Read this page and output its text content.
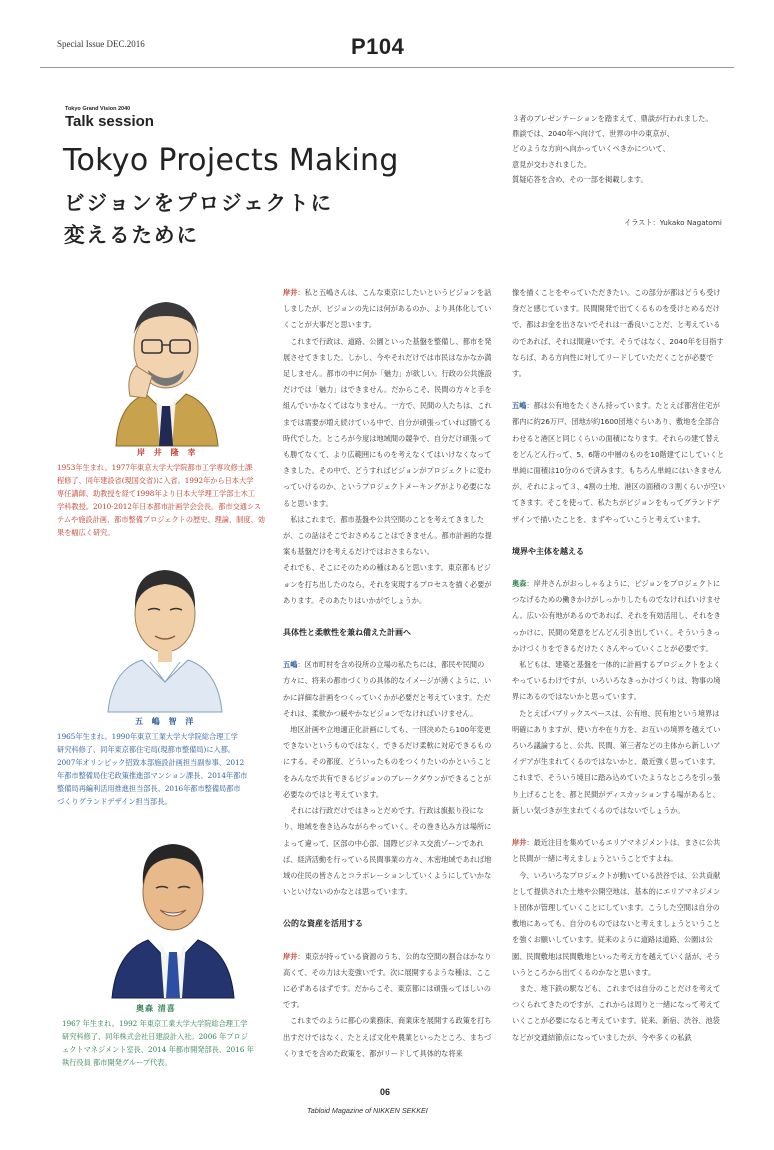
Special Issue DEC.2016	P104
Tokyo Grand Vision 2040
Talk session
Tokyo Projects Making
ビジョンをプロジェクトに
変えるために

３者のプレゼンテーションを踏まえて、鼎談が行われました。

鼎談では、2040年へ向けて、世界の中の東京が、

どのような方向へ向かっていくべきかについて、

意見が交わされました。

質疑応答を含め、その一部を掲載します。

イラスト：Yukako Nagatomi
岸 井 隆 幸
1953年生まれ。1977年東京大学大学院都市工学専攻修士課
程修了、同年建設省(現国交省)に入省。1992年から日本大学
専任講師、助教授を経て1998年より日本大学理工学部土木工
学科教授。2010-2012年日本都市計画学会会長。都市交通シス
テムや施設計画、都市整備プロジェクトの歴史、理論、制度、効
果を幅広く研究。
五 嶋 智 洋
1965年生まれ。1990年東京工業大学大学院総合理工学
研究科修了、同年東京都住宅局(現都市整備局)に入都。
2007年オリンピック招致本部施設計画担当副参事、2012
年都市整備局住宅政策推進部マンション課長、2014年都市
整備局再編利活用推進担当部長、2016年都市整備局都市
づくりグランドデザイン担当部長。
奥森 清喜
1967 年生まれ。1992 年東京工業大学大学院総合理工学
研究科修了、同年株式会社日建設計入社。2006 年プロジ
ェクトマネジメント室長、2014 年都市開発部長、2016 年
執行役員 都市開発グループ代表。

岸井：私と五嶋さんは、こんな東京にしたいというビジョンを話しましたが、ビジョンの先には何があるのか、より具体化していくことが大事だと思います。

　これまで行政は、道路、公園といった基盤を整備し、都市を発展させてきました。しかし、今やそれだけでは市民はなかなか満足しません。都市の中に何か「魅力」が欲しい。行政の公共施設だけでは「魅力」はできません。だからこそ、民間の方々と手を組んでいかなくてはなりません。一方で、民間の人たちは、これまでは需要が増え続けている中で、自分が頑張っていれば勝てる時代でした。ところが今度は地域間の競争で、自分だけ頑張っても勝てなくて、より広範囲にものを考えなくてはいけなくなってきました。その中で、どうすればビジョンがプロジェクトに変わっていけるのか、というプロジェクトメーキングがより必要になると思います。

　私はこれまで、都市基盤や公共空間のことを考えてきましたが、この話はそこでおさめることはできません。都市計画的な提案も基盤だけを考えるだけではおさまらない。

それでも、そこにそのための種はあると思います。東京都もビジョンを打ち出したのなら、それを実現するプロセスを描く必要があります。そのあたりはいかがでしょうか。

具体性と柔軟性を兼ね備えた計画へ

五嶋：区市町村を含め役所の立場の私たちには、都民や民間の方々に、将来の都市づくりの具体的なイメージが湧くように、いかに詳細な計画をつくっていくかが必要だと考えています。ただそれは、柔軟かつ緩やかなビジョンでなければいけません。

　地区計画や立地適正化計画にしても、一回決めたら100年変更できないというものではなく、できるだけ柔軟に対応できるものにする。その都度、どういったものをつくりたいのかということをみんなで共有できるビジョンのブレークダウンができることが必要なのではと考えています。

　それには行政だけではきっとだめです。行政は旗振り役になり、地域を巻き込みながらやっていく。その巻き込み方は場所によって違って、区部の中心部、国際ビジネス交流ゾーンであれば、経済活動を行っている民間事業の方々、木密地域であれば地域の住民の皆さんとコラボレーションしていくようにしていかないといけないのかなとは思っています。

公的な資産を活用する

岸井：東京が持っている資源のうち、公的な空間の割合はかなり高くて、その力は大変強いです。次に展開するような種は、ここに必ずあるはずです。だからこそ、東京都には頑張ってほしいのです。

　これまでのように都心の業務床、商業床を展開する政策を打ち出すだけではなく、たとえば文化や農業といったところ、まちづくりまでを含めた政策を、都がリードして具体的な将来

像を描くことをやっていただきたい。この部分が都はどうも受け身だと感じています。民間開発で出てくるものを受けとめるだけで、都はお金を出さないでそれは一番良いことだ、と考えているのであれば、それは間違いです。そうではなく、2040年を目指すならば、ある方向性に対してリードしていただくことが必要です。

五嶋：都は公有地をたくさん持っています。たとえば都営住宅が都内に約26万戸、団地が約1600団地ぐらいあり、敷地を全部合わせると港区と同じくらいの面積になります。それらの建て替えをどんどん行って、5、6階の中層のものを10階建てにしていくと単純に面積は10分の６で済みます。もちろん単純にはいきませんが、それによって３、4割の土地、港区の面積の３割くらいが空いてきます。そこを使って、私たちがビジョンをもってグランドデザインで描いたことを、まずやっていこうと考えています。

境界や主体を越える

奥森：岸井さんがおっしゃるように、ビジョンをプロジェクトにつなげるための働きかけがしっかりしたものでなければいけません。広い公有地があるのであれば、それを有効活用し、それをきっかけに、民間の発意をどんどん引き出していく。そういうきっかけづくりをできるだけたくさんやっていくことが必要です。

　私どもは、建築と基盤を一体的に計画するプロジェクトをよくやっているわけですが、いろいろなきっかけづくりは、物事の境界にあるのではないかと思っています。

　たとえばパブリックスペースは、公有地、民有地という境界は明確にありますが、使い方や在り方を、お互いの境界を越えていろいろ議論すると、公共、民間、第三者などの主体から新しいアイデアが生まれてくるのではないかと、最近強く思っています。これまで、そういう境目に踏み込めていたようなところを引っ張り上げることを、都と民間がディスカッションする場があると、新しい気づきが生まれてくるのではないでしょうか。

岸井：最近注目を集めているエリアマネジメントは、まさに公共と民間が一緒に考えましょうということですよね。

　今、いろいろなプロジェクトが動いている渋谷では、公共貢献として提供された土地や公開空地は、基本的にエリアマネジメント団体が管理していくことにしています。こうした空間は自分の敷地にあっても、自分のものではないと考えましょうということを強くお願いしています。従来のように道路は道路、公園は公園、民間敷地は民間敷地といった考え方を越えていく話が、そういうところから出てくるのかなと思います。

　また、地下鉄の駅なども、これまでは自分のことだけを考えてつくられてきたのですが、これからは周りと一緒になって考えていくことが必要になると考えています。従来、新宿、渋谷、池袋などが交通結節点になっていましたが、今や多くの私鉄

06
Tabloid Magazine of NIKKEN SEKKEI
